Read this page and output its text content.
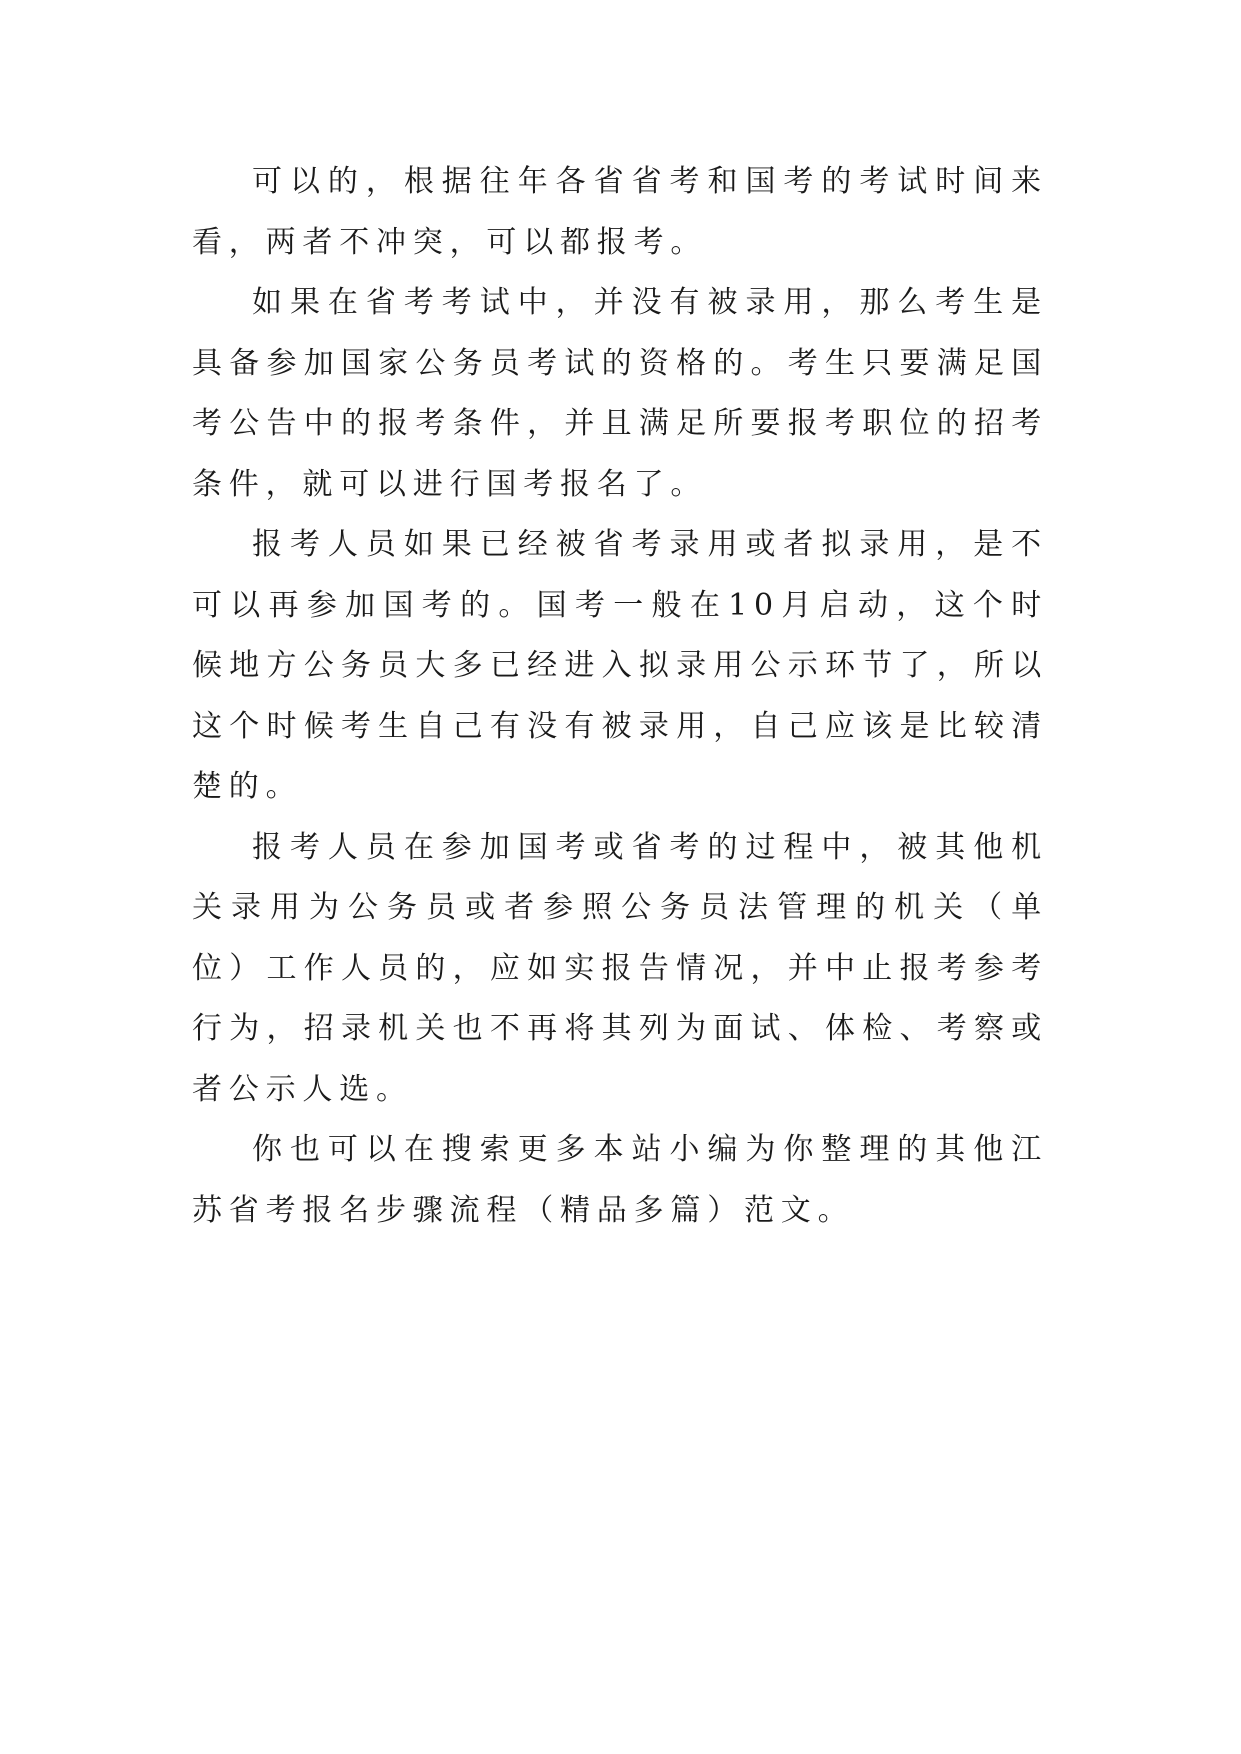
可以的，根据往年各省省考和国考的考试时间来看，两者不冲突，可以都报考。

如果在省考考试中，并没有被录用，那么考生是具备参加国家公务员考试的资格的。考生只要满足国考公告中的报考条件，并且满足所要报考职位的招考条件，就可以进行国考报名了。

报考人员如果已经被省考录用或者拟录用，是不可以再参加国考的。国考一般在10月启动，这个时候地方公务员大多已经进入拟录用公示环节了，所以这个时候考生自己有没有被录用，自己应该是比较清楚的。

报考人员在参加国考或省考的过程中，被其他机关录用为公务员或者参照公务员法管理的机关（单位）工作人员的，应如实报告情况，并中止报考参考行为，招录机关也不再将其列为面试、体检、考察或者公示人选。

你也可以在搜索更多本站小编为你整理的其他江苏省考报名步骤流程（精品多篇）范文。
